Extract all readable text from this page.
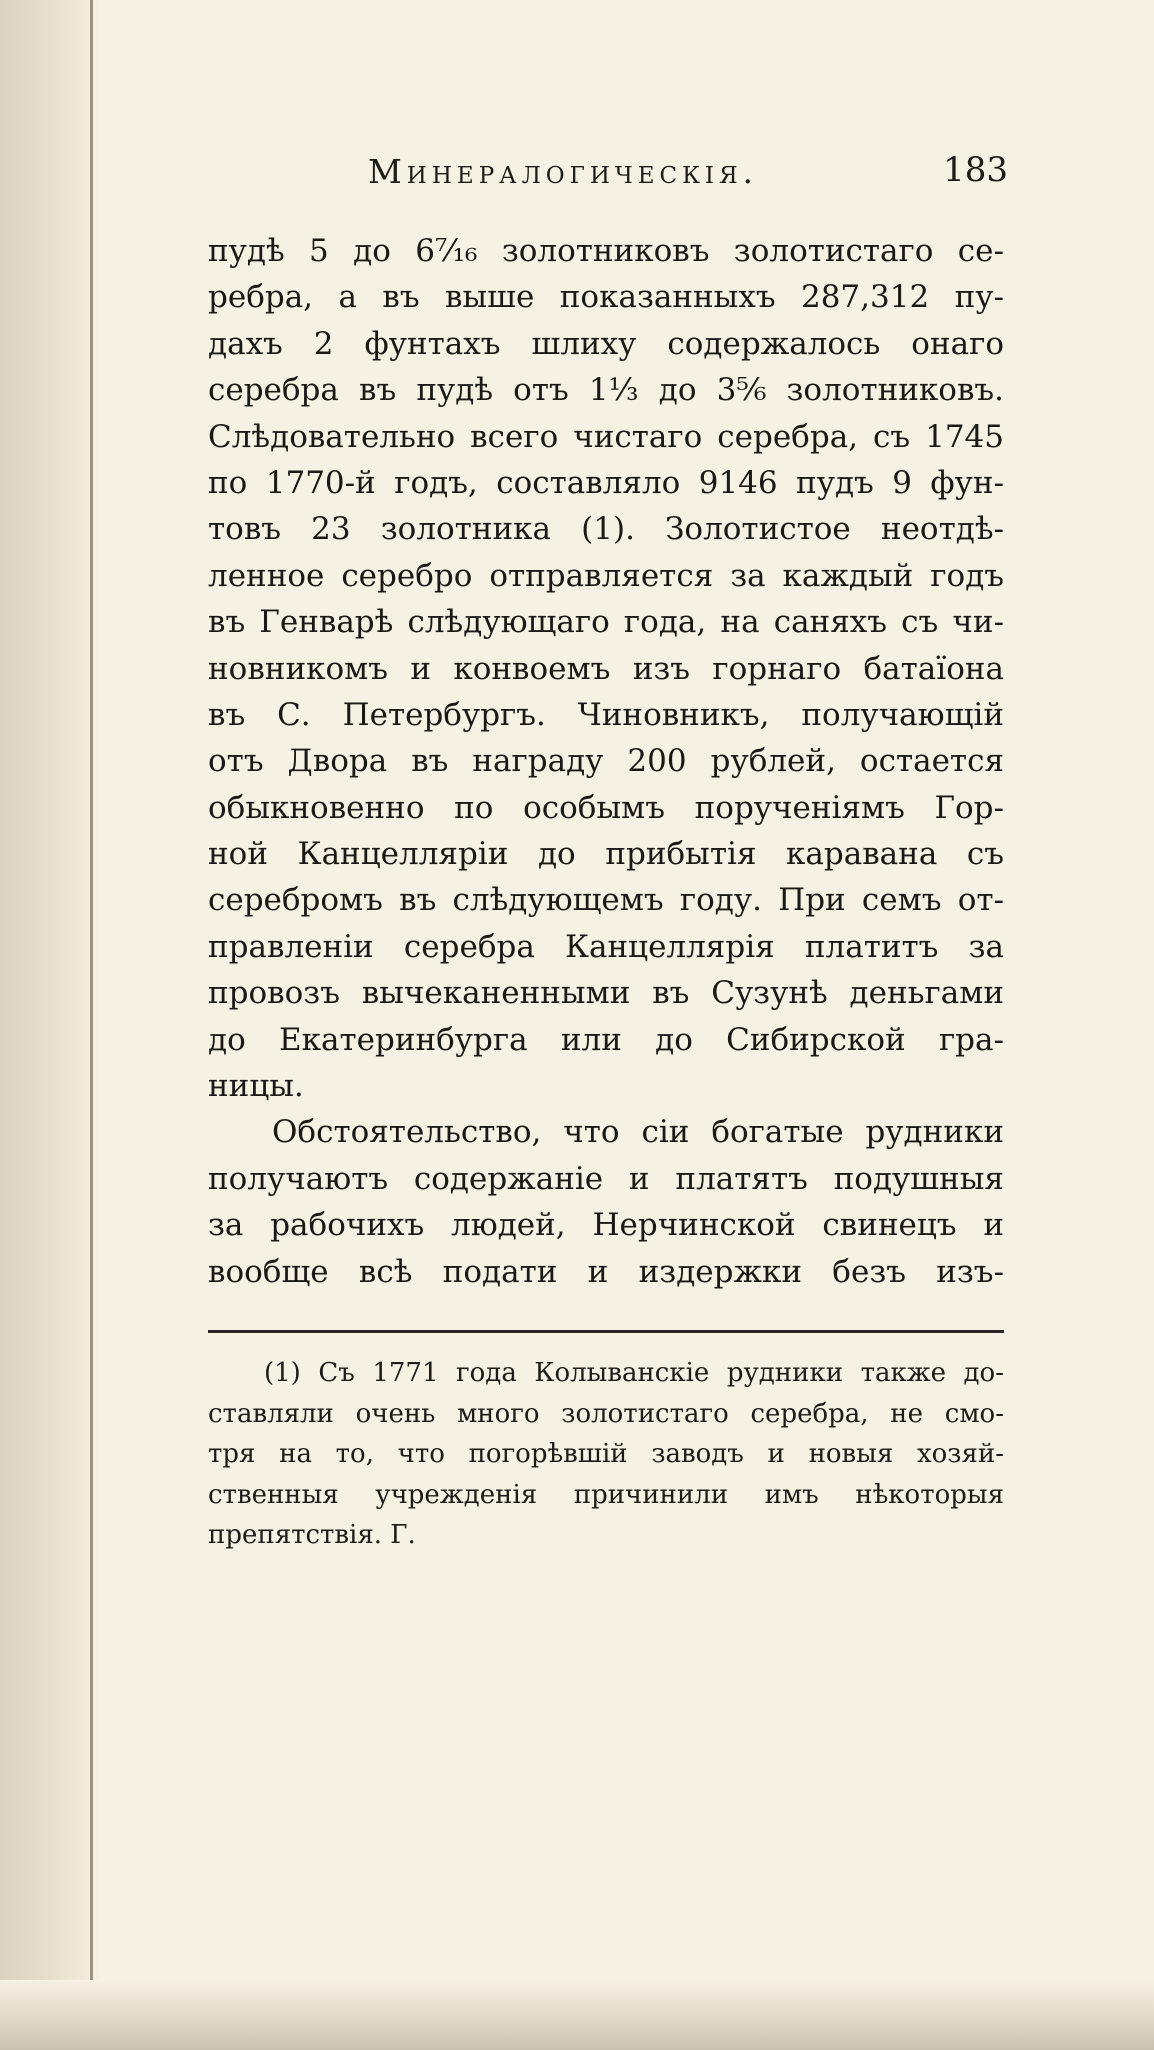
Минералогическія.	183
пудѣ 5 до 6⁷⁄₁₆ золотниковъ золотистаго се-
ребра, а въ выше показанныхъ 287,312 пу-
дахъ 2 фунтахъ шлиху содержалось онаго
серебра въ пудѣ отъ 1⅓ до 3⁵⁄₆ золотниковъ.
Слѣдовательно всего чистаго серебра, съ 1745
по 1770-й годъ, составляло 9146 пудъ 9 фун-
товъ 23 золотника (1). Золотистое неотдѣ-
ленное серебро отправляется за каждый годъ
въ Генварѣ слѣдующаго года, на саняхъ съ чи-
новникомъ и конвоемъ изъ горнаго батаїона
въ С. Петербургъ. Чиновникъ, получающій
отъ Двора въ награду 200 рублей, остается
обыкновенно по особымъ порученіямъ Гор-
ной Канцелляріи до прибытія каравана съ
серебромъ въ слѣдующемъ году. При семъ от-
правленіи серебра Канцеллярія платитъ за
провозъ вычеканенными въ Сузунѣ деньгами
до Екатеринбурга или до Сибирской гра-
ницы.
Обстоятельство, что сіи богатые рудники
получаютъ содержаніе и платятъ подушныя
за рабочихъ людей, Нерчинской свинецъ и
вообще всѣ подати и издержки безъ изъ-
(1) Съ 1771 года Колыванскіе рудники также до-
ставляли очень много золотистаго серебра, не смо-
тря на то, что погорѣвшій заводъ и новыя хозяй-
ственныя учрежденія причинили имъ нѣкоторыя
препятствія. Г.
